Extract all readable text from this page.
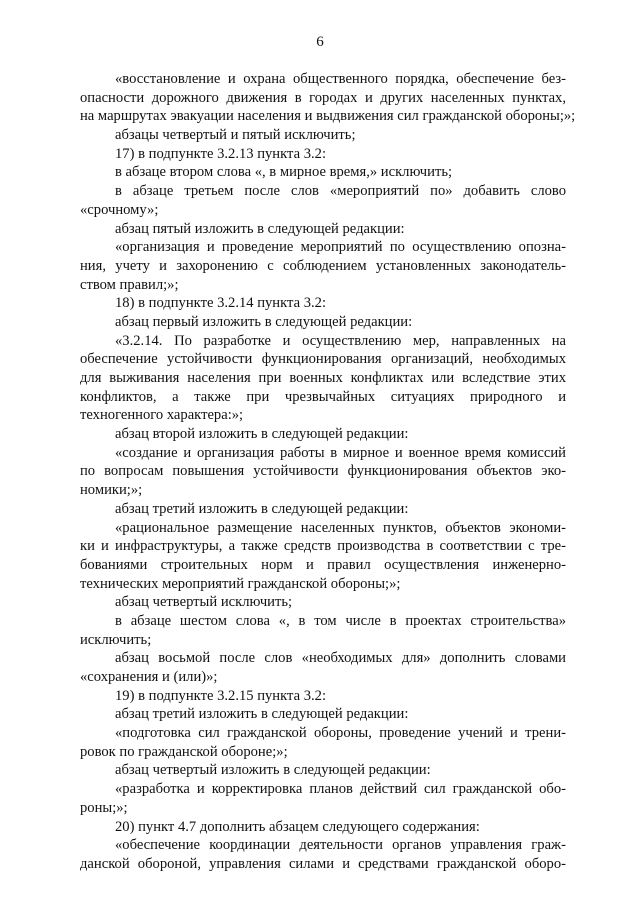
6
«восстановление и охрана общественного порядка, обеспечение без-
опасности дорожного движения в городах и других населенных пунктах,
на маршрутах эвакуации населения и выдвижения сил гражданской обороны;»;
абзацы четвертый и пятый исключить;
17) в подпункте 3.2.13 пункта 3.2:
в абзаце втором слова «, в мирное время,» исключить;
в абзаце третьем после слов «мероприятий по» добавить слово
«срочному»;
абзац пятый изложить в следующей редакции:
«организация и проведение мероприятий по осуществлению опозна-
ния, учету и захоронению с соблюдением установленных законодатель-
ством правил;»;
18) в подпункте 3.2.14 пункта 3.2:
абзац первый изложить в следующей редакции:
«3.2.14. По разработке и осуществлению мер, направленных на
обеспечение устойчивости функционирования организаций, необходимых
для выживания населения при военных конфликтах или вследствие этих
конфликтов, а также при чрезвычайных ситуациях природного и
техногенного характера:»;
абзац второй изложить в следующей редакции:
«создание и организация работы в мирное и военное время комиссий
по вопросам повышения устойчивости функционирования объектов эко-
номики;»;
абзац третий изложить в следующей редакции:
«рациональное размещение населенных пунктов, объектов экономи-
ки и инфраструктуры, а также средств производства в соответствии с тре-
бованиями строительных норм и правил осуществления инженерно-
технических мероприятий гражданской обороны;»;
абзац четвертый исключить;
в абзаце шестом слова «, в том числе в проектах строительства»
исключить;
абзац восьмой после слов «необходимых для» дополнить словами
«сохранения и (или)»;
19) в подпункте 3.2.15 пункта 3.2:
абзац третий изложить в следующей редакции:
«подготовка сил гражданской обороны, проведение учений и трени-
ровок по гражданской обороне;»;
абзац четвертый изложить в следующей редакции:
«разработка и корректировка планов действий сил гражданской обо-
роны;»;
20) пункт 4.7 дополнить абзацем следующего содержания:
«обеспечение координации деятельности органов управления граж-
данской обороной, управления силами и средствами гражданской оборо-
